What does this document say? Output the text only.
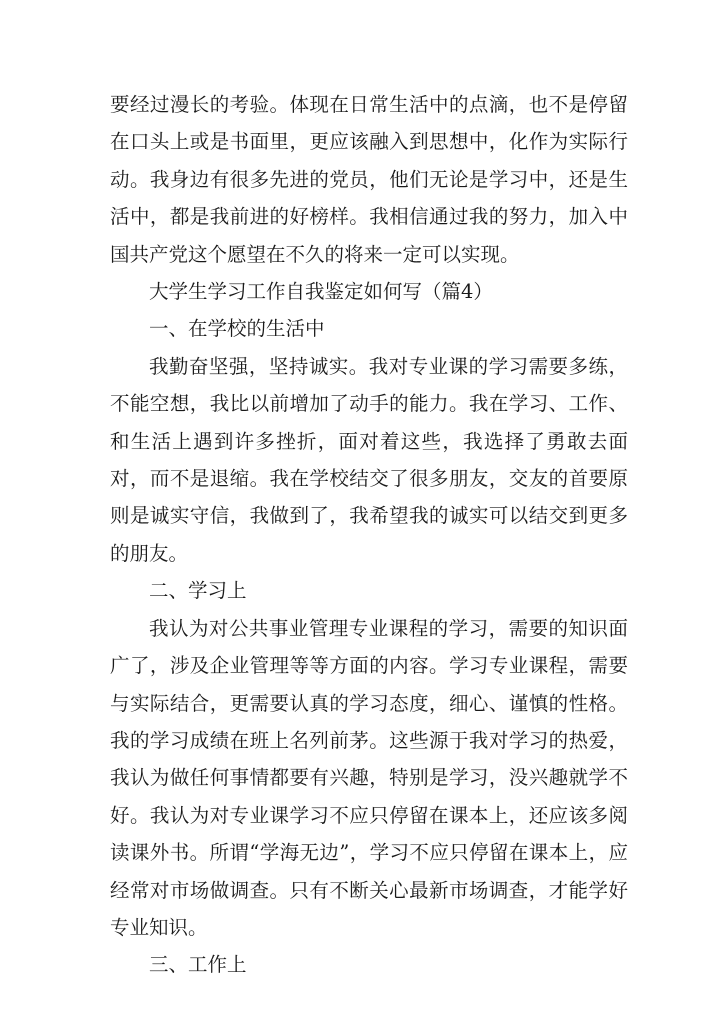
要经过漫长的考验。体现在日常生活中的点滴，也不是停留在口头上或是书面里，更应该融入到思想中，化作为实际行动。我身边有很多先进的党员，他们无论是学习中，还是生活中，都是我前进的好榜样。我相信通过我的努力，加入中国共产党这个愿望在不久的将来一定可以实现。

大学生学习工作自我鉴定如何写（篇4）

一、在学校的生活中

我勤奋坚强，坚持诚实。我对专业课的学习需要多练，不能空想，我比以前增加了动手的能力。我在学习、工作、和生活上遇到许多挫折，面对着这些，我选择了勇敢去面对，而不是退缩。我在学校结交了很多朋友，交友的首要原则是诚实守信，我做到了，我希望我的诚实可以结交到更多的朋友。

二、学习上

我认为对公共事业管理专业课程的学习，需要的知识面广了，涉及企业管理等等方面的内容。学习专业课程，需要与实际结合，更需要认真的学习态度，细心、谨慎的性格。我的学习成绩在班上名列前茅。这些源于我对学习的热爱，我认为做任何事情都要有兴趣，特别是学习，没兴趣就学不好。我认为对专业课学习不应只停留在课本上，还应该多阅读课外书。所谓“学海无边”，学习不应只停留在课本上，应经常对市场做调查。只有不断关心最新市场调查，才能学好专业知识。

三、工作上
